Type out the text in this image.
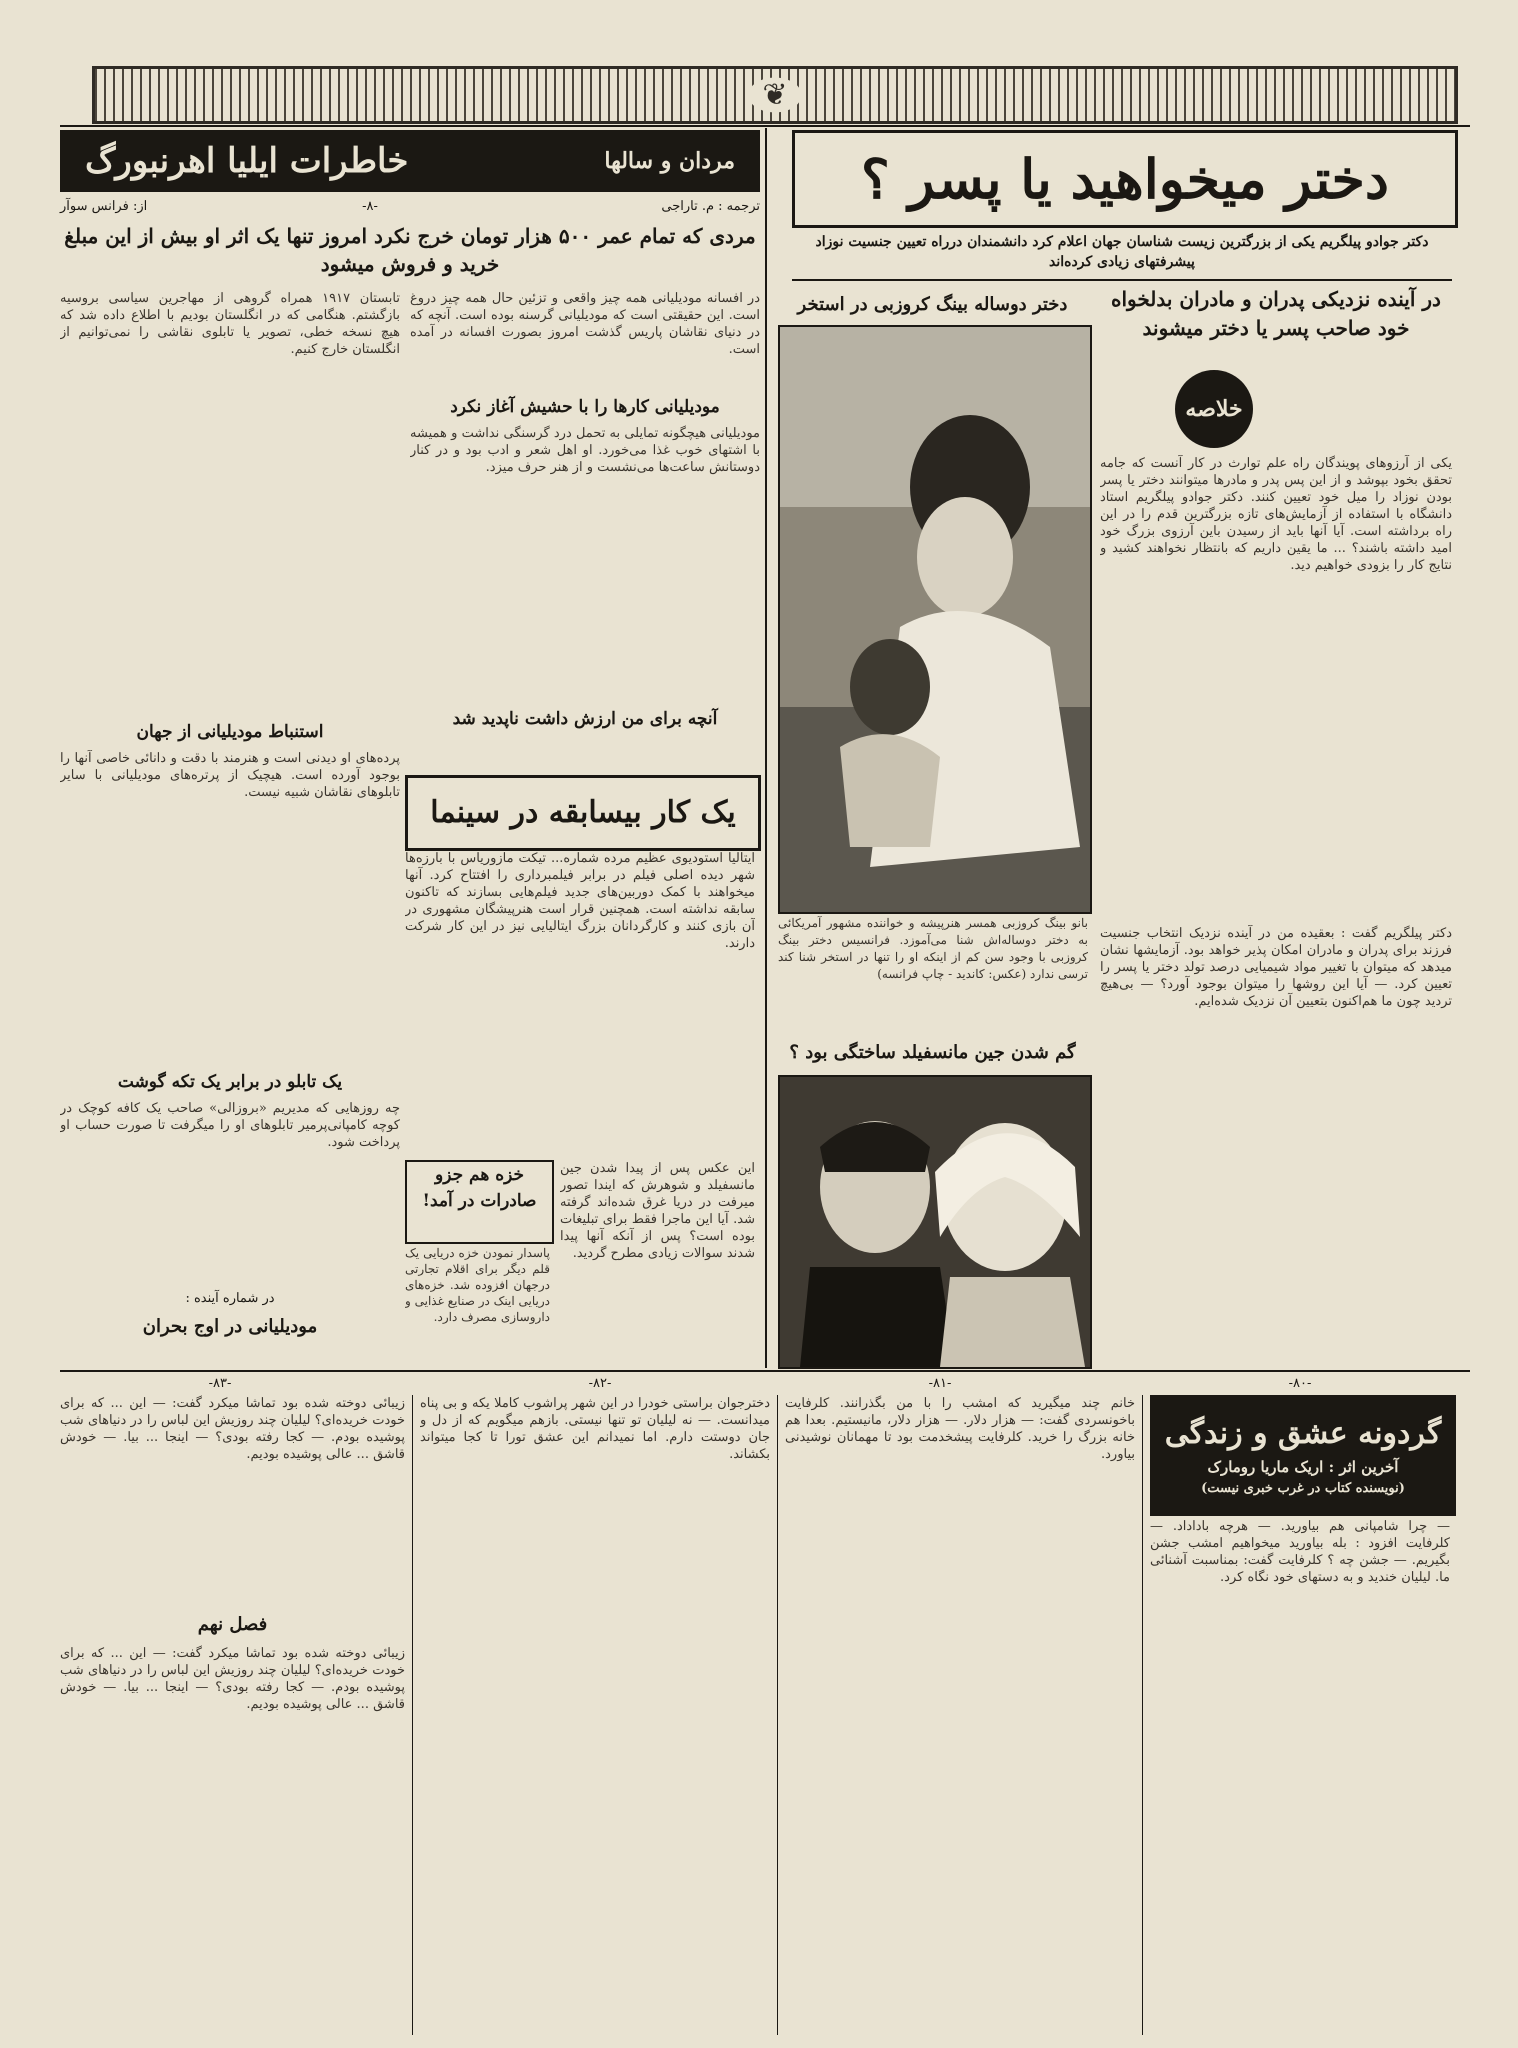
❦
دختر میخواهید یا پسر ؟
دکتر جوادو پیلگریم یکی از بزرگترین زیست شناسان جهان اعلام کرد دانشمندان درراه تعیین جنسیت نوزاد پیشرفتهای زیادی کرده‌اند
در آینده نزدیکی پدران و مادران بدلخواه خود صاحب پسر یا دختر میشوند
خلاصه
یکی از آرزوهای پویندگان راه علم توارث در کار آنست که جامه تحقق بخود بپوشد و از این پس پدر و مادرها میتوانند دختر یا پسر بودن نوزاد را میل خود تعیین کنند. دکتر جوادو پیلگریم استاد دانشگاه با استفاده از آزمایش‌های تازه بزرگترین قدم را در این راه برداشته است. آیا آنها باید از رسیدن باین آرزوی بزرگ خود امید داشته باشند؟ ... ما یقین داریم که بانتظار نخواهند کشید و نتایج کار را بزودی خواهیم دید.
دکتر پیلگریم گفت : بعقیده من در آینده نزدیک انتخاب جنسیت فرزند برای پدران و مادران امکان پذیر خواهد بود. آزمایشها نشان میدهد که میتوان با تغییر مواد شیمیایی درصد تولد دختر یا پسر را تعیین کرد. — آیا این روشها را میتوان بوجود آورد؟ — بی‌هیچ تردید چون ما هم‌اکنون بتعیین آن نزدیک شده‌ایم.
دختر دوساله بینگ کروزبی در استخر
بانو بینگ کروزبی همسر هنرپیشه و خواننده مشهور آمریکائی به دختر دوساله‌اش شنا می‌آموزد. فرانسیس دختر بینگ کروزبی با وجود سن کم از اینکه او را تنها در استخر شنا کند ترسی ندارد (عکس: کاندید - چاپ فرانسه)
گم شدن جین مانسفیلد ساختگی بود ؟
یک کار بیسابقه در سینما
ایتالیا استودیوی عظیم مرده شماره... تیکت مازوریاس با بارزه‌ها شهر دیده اصلی فیلم در برابر فیلمبرداری را افتتاح کرد. آنها میخواهند با کمک دوربین‌های جدید فیلم‌هایی بسازند که تاکنون سابقه نداشته است. همچنین قرار است هنرپیشگان مشهوری در آن بازی کنند و کارگردانان بزرگ ایتالیایی نیز در این کار شرکت دارند.
خزه هم جزو صادرات در آمد!
پاسدار نمودن خزه دریایی یک قلم دیگر برای اقلام تجارتی درجهان افزوده شد. خزه‌های دریایی اینک در صنایع غذایی و داروسازی مصرف دارد.
این عکس پس از پیدا شدن جین مانسفیلد و شوهرش که ایندا تصور میرفت در دریا غرق شده‌اند گرفته شد. آیا این ماجرا فقط برای تبلیغات بوده است؟ پس از آنکه آنها پیدا شدند سوالات زیادی مطرح گردید.
مردان و سالها
خاطرات ایلیا اهرنبورگ
ترجمه : م. تاراجی
-۸-
از: فرانس سوآر
مردی که تمام عمر ۵۰۰ هزار تومان خرج نکرد امروز تنها یک اثر او بیش از این مبلغ خرید و فروش میشود
در افسانه مودیلیانی همه چیز واقعی و تزئین حال همه چیز دروغ است. این حقیقتی است که مودیلیانی گرسنه بوده است. آنچه که در دنیای نقاشان پاریس گذشت امروز بصورت افسانه در آمده است.
مودیلیانی کارها را با حشیش آغاز نکرد
مودیلیانی هیچگونه تمایلی به تحمل درد گرسنگی نداشت و همیشه با اشتهای خوب غذا می‌خورد. او اهل شعر و ادب بود و در کنار دوستانش ساعت‌ها می‌نشست و از هنر حرف میزد.
آنچه برای من ارزش داشت ناپدید شد
تابستان ۱۹۱۷ همراه گروهی از مهاجرین سیاسی بروسیه بازگشتم. هنگامی که در انگلستان بودیم با اطلاع داده شد که هیچ نسخه خطی، تصویر یا تابلوی نقاشی را نمی‌توانیم از انگلستان خارج کنیم.
استنباط مودیلیانی از جهان
پرده‌های او دیدنی است و هنرمند با دقت و دانائی خاصی آنها را بوجود آورده است. هیچیک از پرتره‌های مودیلیانی با سایر تابلوهای نقاشان شبیه نیست.
یک تابلو در برابر یک تکه گوشت
چه روزهایی که مدیریم «بروزالی» صاحب یک کافه کوچک در کوچه کامپانی‌پرمیر تابلوهای او را میگرفت تا صورت حساب او پرداخت شود.
در شماره آینده :
مودیلیانی در اوج بحران
-۸۳-	-۸۲-	-۸۱-	-۸۰-
گردونه عشق و زندگی
آخرین اثر : اریک ماریا رومارک
(نویسنده کتاب در غرب خبری نیست)
— چرا شامپانی هم بیاورید. — هرچه باداداد. — کلرفایت افزود : بله بیاورید میخواهیم امشب جشن بگیریم. — جشن چه ؟ کلرفایت گفت: بمناسبت آشنائی ما. لیلیان خندید و به دستهای خود نگاه کرد.
خانم چند میگیرید که امشب را با من بگذرانند. کلرفایت باخونسردی گفت: — هزار دلار. — هزار دلار، مانیستیم. بعدا هم خانه بزرگ را خرید. کلرفایت پیشخدمت بود تا مهمانان نوشیدنی بیاورد.
دخترجوان براستی خودرا در این شهر پراشوب کاملا یکه و بی پناه میدانست. — نه لیلیان تو تنها نیستی. بازهم میگویم که از دل و جان دوستت دارم. اما نمیدانم این عشق تورا تا کجا میتواند بکشاند.
زیبائی دوخته شده بود تماشا میکرد گفت: — این ... که برای خودت خریده‌ای؟ لیلیان چند روزیش این لباس را در دنیاهای شب پوشیده بودم. — کجا رفته بودی؟ — اینجا ... بیا. — خودش قاشق ... عالی پوشیده بودیم.
فصل نهم
زیبائی دوخته شده بود تماشا میکرد گفت: — این ... که برای خودت خریده‌ای؟ لیلیان چند روزیش این لباس را در دنیاهای شب پوشیده بودم. — کجا رفته بودی؟ — اینجا ... بیا. — خودش قاشق ... عالی پوشیده بودیم.
